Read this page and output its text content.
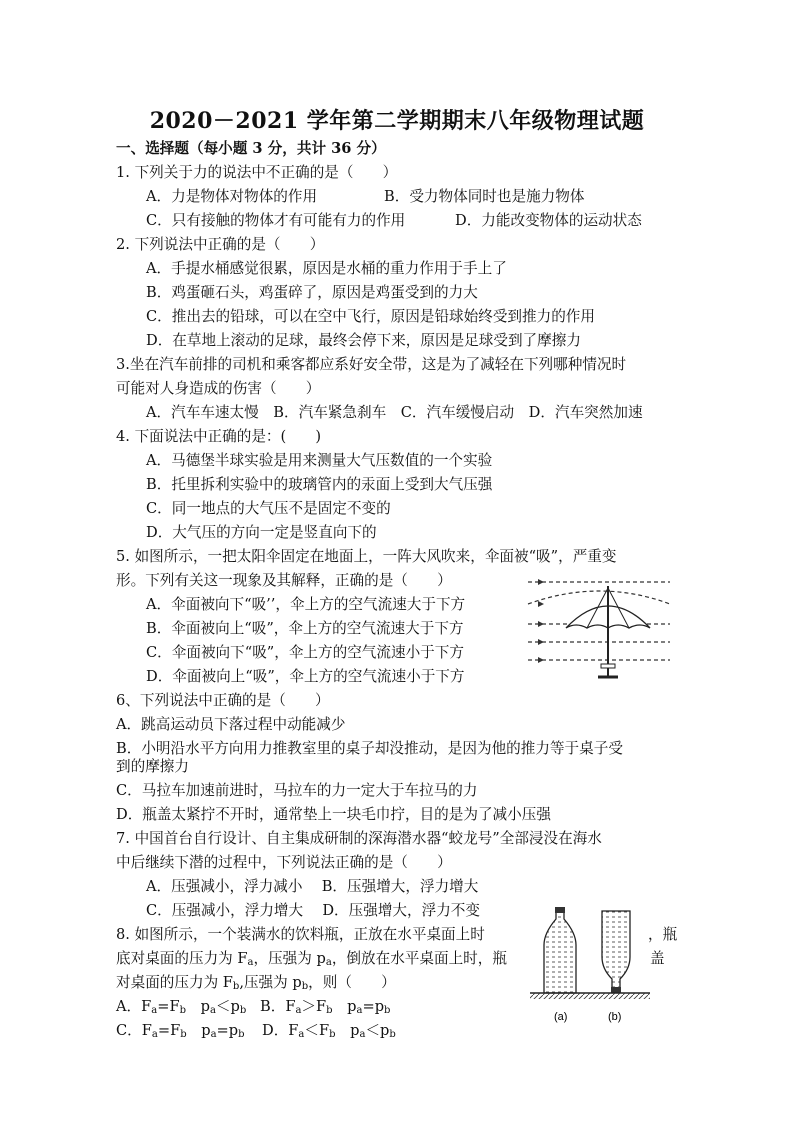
2020－2021 学年第二学期期末八年级物理试题
一、选择题（每小题 3 分，共计 36 分）
1. 下列关于力的说法中不正确的是（　　）
A．力是物体对物体的作用	B．受力物体同时也是施力物体
C．只有接触的物体才有可能有力的作用	D．力能改变物体的运动状态
2. 下列说法中正确的是（　　）
A．手提水桶感觉很累，原因是水桶的重力作用于手上了
B．鸡蛋砸石头，鸡蛋碎了，原因是鸡蛋受到的力大
C．推出去的铅球，可以在空中飞行，原因是铅球始终受到推力的作用
D．在草地上滚动的足球，最终会停下来，原因是足球受到了摩擦力
3.坐在汽车前排的司机和乘客都应系好安全带，这是为了减轻在下列哪种情况时
可能对人身造成的伤害（　　）
A．汽车车速太慢　B．汽车紧急刹车　C．汽车缓慢启动　D．汽车突然加速
4. 下面说法中正确的是：(　　)
A．马德堡半球实验是用来测量大气压数值的一个实验
B．托里拆利实验中的玻璃管内的汞面上受到大气压强
C．同一地点的大气压不是固定不变的
D．大气压的方向一定是竖直向下的
5. 如图所示，一把太阳伞固定在地面上，一阵大风吹来，伞面被“吸”，严重变
形。下列有关这一现象及其解释，正确的是（　　）
A．伞面被向下“吸’’，伞上方的空气流速大于下方
B．伞面被向上“吸”，伞上方的空气流速大于下方
C．伞面被向下“吸”，伞上方的空气流速小于下方
D．伞面被向上“吸”，伞上方的空气流速小于下方
6、下列说法中正确的是（　　）
A．跳高运动员下落过程中动能减少
B．小明沿水平方向用力推教室里的桌子却没推动，是因为他的推力等于桌子受
到的摩擦力
C．马拉车加速前进时，马拉车的力一定大于车拉马的力
D．瓶盖太紧拧不开时，通常垫上一块毛巾拧，目的是为了减小压强
7. 中国首台自行设计、自主集成研制的深海潜水器“蛟龙号”全部浸没在海水
中后继续下潜的过程中，下列说法正确的是（　　）
A．压强减小，浮力减小　 B．压强增大，浮力增大
C．压强减小，浮力增大　 D．压强增大，浮力不变
8. 如图所示，一个装满水的饮料瓶，正放在水平桌面上时	，瓶
底对桌面的压力为 $F_a$，压强为 $p_a$，倒放在水平桌面上时，瓶	盖
对桌面的压力为 $F_b$,压强为 $p_b$，则（　　）
A．$F_a=F_b$　$p_a<p_b$ B．$F_a>F_b$　$p_a=p_b$
C．$F_a=F_b$　$p_a=p_b$ D．$F_a<F_b$　$p_a<p_b$
(a)	(b)
